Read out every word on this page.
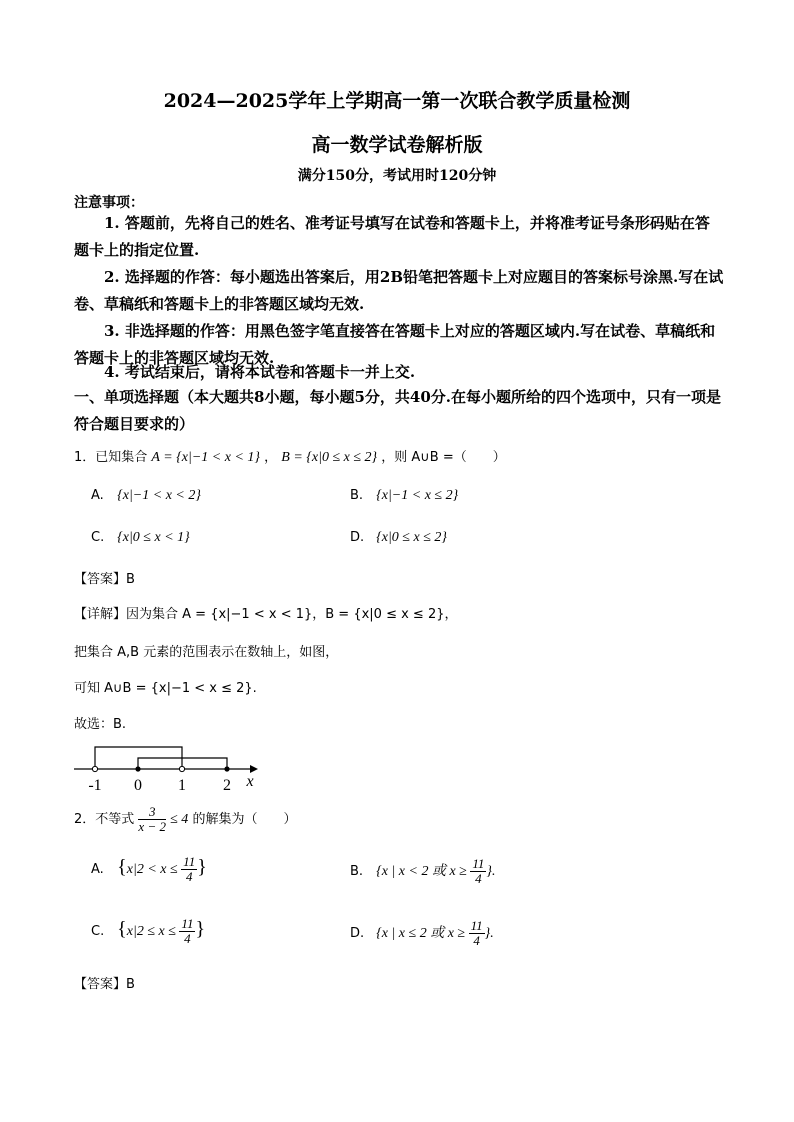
2024—2025学年上学期高一第一次联合教学质量检测
高一数学试卷解析版
满分150分，考试用时120分钟
注意事项：
1. 答题前，先将自己的姓名、准考证号填写在试卷和答题卡上，并将准考证号条形码贴在答题卡上的指定位置.
2. 选择题的作答：每小题选出答案后，用2B铅笔把答题卡上对应题目的答案标号涂黑.写在试卷、草稿纸和答题卡上的非答题区域均无效.
3. 非选择题的作答：用黑色签字笔直接答在答题卡上对应的答题区域内.写在试卷、草稿纸和答题卡上的非答题区域均无效.
4. 考试结束后，请将本试卷和答题卡一并上交.
一、单项选择题（本大题共8小题，每小题5分，共40分.在每小题所给的四个选项中，只有一项是符合题目要求的）
1．已知集合 A = {x|−1 < x < 1} ， B = {x|0 ≤ x ≤ 2} ，则 A∪B =（　　）
A. {x|−1 < x < 2}	B. {x|−1 < x ≤ 2}
C. {x|0 ≤ x < 1}	D. {x|0 ≤ x ≤ 2}
【答案】B
【详解】因为集合 A = {x|−1 < x < 1}，B = {x|0 ≤ x ≤ 2}，
把集合 A,B 元素的范围表示在数轴上，如图，
可知 A∪B = {x|−1 < x ≤ 2}.
故选：B.
-1 0 1 2 x
2．不等式 $\frac{3}{x - 2} \le 4$ 的解集为（　　）
A. {$x|2 < x \le \frac{11}{4}$ }	B. {x | x < 2 或 $x \ge \frac{11}{4}$ }.
C. {$x|2 \le x \le \frac{11}{4}$ }	D. {x | x ≤ 2 或 $x \ge \frac{11}{4}$ }.
【答案】B
